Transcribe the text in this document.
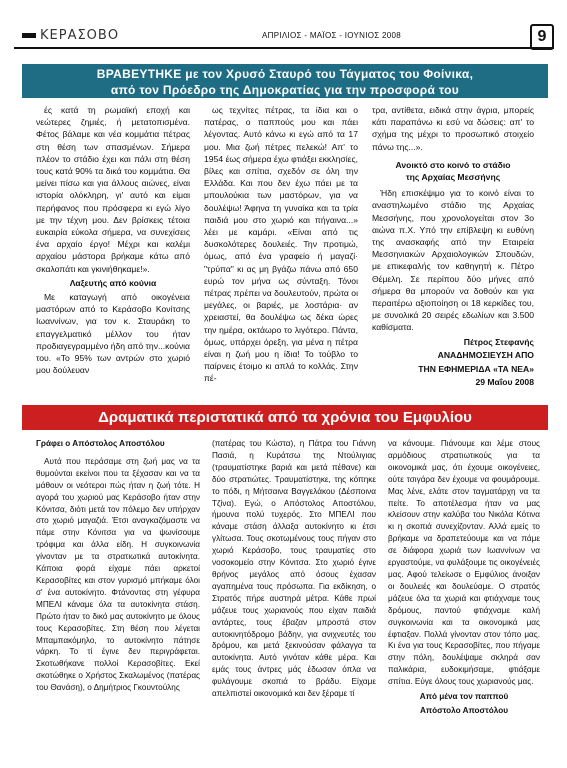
ΚΕΡΑΣΟΒΟ	ΑΠΡΙΛΙΟΣ - ΜΑΪΟΣ - ΙΟΥΝΙΟΣ 2008	9
ΒΡΑΒΕΥΤΗΚΕ με τον Χρυσό Σταυρό του Τάγματος του Φοίνικα,
από τον Πρόεδρο της Δημοκρατίας για την προσφορά του

ές κατά τη ρωμαϊκή εποχή και νεώτερες ζημιές, ή μετατοπισμένα. Φέτος βάλαμε και νέα κομμάτια πέτρας στη θέση των σπασμένων. Σήμερα πλέον το στάδιο έχει και πάλι στη θέση τους κατά 90% τα δικά του κομμάτια. Θα μείνει πίσω και για άλλους αιώνες, είναι ιστορία ολόκληρη, γι' αυτό και είμαι περήφανος που πρόσφερα κι εγώ λίγο με την τέχνη μου. Δεν βρίσκεις τέτοια ευκαιρία εύκολα σήμερα, να συνεχίσεις ένα αρχαίο έργο! Μέχρι και καλέμι αρχαίου μάστορα βρήκαμε κάτω από σκαλοπάτι και γκινιήθηκαμε!».

Λαξευτής από κούνια

Με καταγωγή από οικογένεια μαστόρων από το Κεράσοβο Κονίτσης Ιωαννίνων, για τον κ. Σταυράκη το επαγγελματικό μέλλον του ήταν προδιαγεγραμμένο ήδη από την...κούνια του. «Το 95% των αντρών στο χωριό μου δούλευαν

ως τεχνίτες πέτρας, τα ίδια και ο πατέρας, ο παππούς μου και πάει λέγοντας. Αυτό κάνω κι εγώ από τα 17 μου. Μια ζωή πέτρες πελεκώ! Απ' το 1954 έως σήμερα έχω φτιάξει εκκλησίες, βίλες και σπίτια, σχεδόν σε όλη την Ελλάδα. Και που δεν έχω πάει με τα μπουλούκια των μαστόρων, για να δουλέψω! Άφηνα τη γυναίκα και τα τρία παιδιά μου στο χωριό και πήγαινα...» λέει με καμάρι. «Είναι από τις δυσκολότερες δουλειές. Την προτιμώ, όμως, από ένα γραφείο ή μαγαζί· "τρύπα" κι ας μη βγάζω πάνω από 650 ευρώ τον μήνα ως σύνταξη. Τόνοι πέτρας πρέπει να δουλευτούν, πρώτα οι μεγάλες, οι βαριές, με λοστάρια· αν χρειαστεί, θα δουλέψω ως δέκα ώρες την ημέρα, οκτάωρο το λιγότερο. Πάντα, όμως, υπάρχει όρεξη, για μένα η πέτρα είναι η ζωή μου η ίδια! Το τούβλο το παίρνεις έτοιμο κι απλά το κολλάς. Στην πέ-

τρα, αντίθετα, ειδικά στην άγρια, μπορείς κάτι παραπάνω κι εσύ να δώσεις: απ' το σχήμα της μέχρι το προσωπικό στοιχείο πάνω της...».

Ανοικτό στο κοινό το στάδιο

της Αρχαίας Μεσσήνης

Ήδη επισκέψιμο για το κοινό είναι το αναστηλωμένο στάδιο της Αρχαίας Μεσσήνης, που χρονολογείται στον 3ο αιώνα π.Χ. Υπό την επίβλεψη κι ευθύνη της ανασκαφής από την Εταιρεία Μεσσηνιακών Αρχαιολογικών Σπουδών, με επικεφαλής τον καθηγητή κ. Πέτρο Θέμελη. Σε περίπου δύο μήνες από σήμερα θα μπορούν να δοθούν και για περαιτέρω αξιοποίηση οι 18 κερκίδες του, με συνολικά 20 σειρές εδωλίων και 3.500 καθίσματα.

Πέτρος Στεφανής

ΑΝΑΔΗΜΟΣΙΕΥΣΗ ΑΠΟ

ΤΗΝ ΕΦΗΜΕΡΙΔΑ «ΤΑ ΝΕΑ»

29 Μαΐου 2008

Δραματικά περιστατικά από τα χρόνια του Εμφυλίου

Γράφει ο Απόστολος Αποστόλου

Αυτά που περάσαμε στη ζωή μας να τα θυμούνται εκείνοι που τα ξέχασαν και να τα μάθουν οι νεότεροι πώς ήταν η ζωή τότε. Η αγορά του χωριού μας Κεράσοβο ήταν στην Κόνιτσα, διότι μετά τον πόλεμο δεν υπήρχαν στο χωριό μαγαζιά. Έτσι αναγκαζόμαστε να πάμε στην Κόνιτσα για να ψωνίσουμε τρόφιμα και άλλα είδη. Η συγκοινωνία γίνονταν με τα στρατιωτικά αυτοκίνητα. Κάποια φορά είχαμε πάει αρκετοί Κερασοβίτες και στον γυρισμό μπήκαμε όλοι σ' ένα αυτοκίνητο. Φτάνοντας στη γέφυρα ΜΠΕΛΙ κάναμε όλα τα αυτοκίνητα στάση. Πρώτο ήταν το δικό μας αυτοκίνητο με όλους τους Κερασοβίτες. Στη θέση που λέγεται Μπαμπακόμηλο, το αυτοκίνητο πάτησε νάρκη. Το τί έγινε δεν περιγράφεται. Σκοτωθήκανε πολλοί Κερασοβίτες. Εκεί σκοτώθηκε ο Χρήστος Σκαλωμένος (πατέρας του Θανάση), ο Δημήτριος Γκουντούλης

(πατέρας του Κώστα), η Πάτρα του Γιάννη Πασιά, η Κυράτσω της Ντούλιγιας (τραυματίστηκε βαριά και μετά πέθανε) και δύο στρατιώτες. Τραυματίστηκε, της κόπηκε το πόδι, η Μήτσαινα Βαγγελάκου (Δέσποινα Τζίνα). Εγώ, ο Απόστολος Αποστόλου, ήμουνα πολύ τυχερός. Στο ΜΠΕΛΙ που κάναμε στάση άλλαξα αυτοκίνητο κι έτσι γλίτωσα. Τους σκοτωμένους τους πήγαν στο χωριό Κεράσοβο, τους τραυματίες στο νοσοκομείο στην Κόνιτσα. Στο χωριό έγινε θρήνος μεγάλος από όσους έχασαν αγαπημένα τους πρόσωπα. Για εκδίκηση, ο Στρατός πήρε αυστηρά μέτρα. Κάθε πρωί μάζευε τους χωριανούς που είχαν παιδιά αντάρτες, τους έβαζαν μπροστά στον αυτοκινητόδρομο βάδην, για ανιχνευτές του δρόμου, και μετά ξεκινούσαν φάλαγγα τα αυτοκίνητα. Αυτό γινόταν κάθε μέρα. Και εμάς τους άντρες μάς έδωσαν όπλα να φυλάγουμε σκοπιά το βράδυ. Είχαμε απελπιστεί οικονομικά και δεν ξέραμε τί

να κάνουμε. Πιάνουμε και λέμε στους αρμόδιους στρατιωτικούς για τα οικονομικά μας, ότι έχουμε οικογένειες, ούτε τσιγάρα δεν έχουμε να φουμάρουμε. Μας λένε, ελάτε στον ταγματάρχη να τα πείτε. Το αποτέλεσμα ήταν να μας κλείσουν στην καλύβα του Νικόλα Κότινα κι η σκοπιά συνεχίζονταν. Αλλά εμείς το βρήκαμε να δραπετεύουμε και να πάμε σε διάφορα χωριά των Ιωαννίνων να εργαστούμε, να φυλάξουμε τις οικογένειές μας. Αφού τελείωσε ο Εμφύλιος άνοιξαν οι δουλειές και δουλεύαμε. Ο στρατός μάζευε όλα τα χωριά και φτιάχναμε τους δρόμους, παντού φτιάχναμε καλή συγκοινωνία και τα οικονομικά μας έφτιαξαν. Πολλά γίνονταν στον τόπο μας. Κι ένα για τους Κερασοβίτες, που πήγαμε στην πόλη, δουλέψαμε σκληρά σαν παλικάρια, ευδοκιμήσαμε, φτιάξαμε σπίτια. Εύγε όλους τους χωριανούς μας.

Από μένα τον παππού

Απόστολο Αποστόλου
